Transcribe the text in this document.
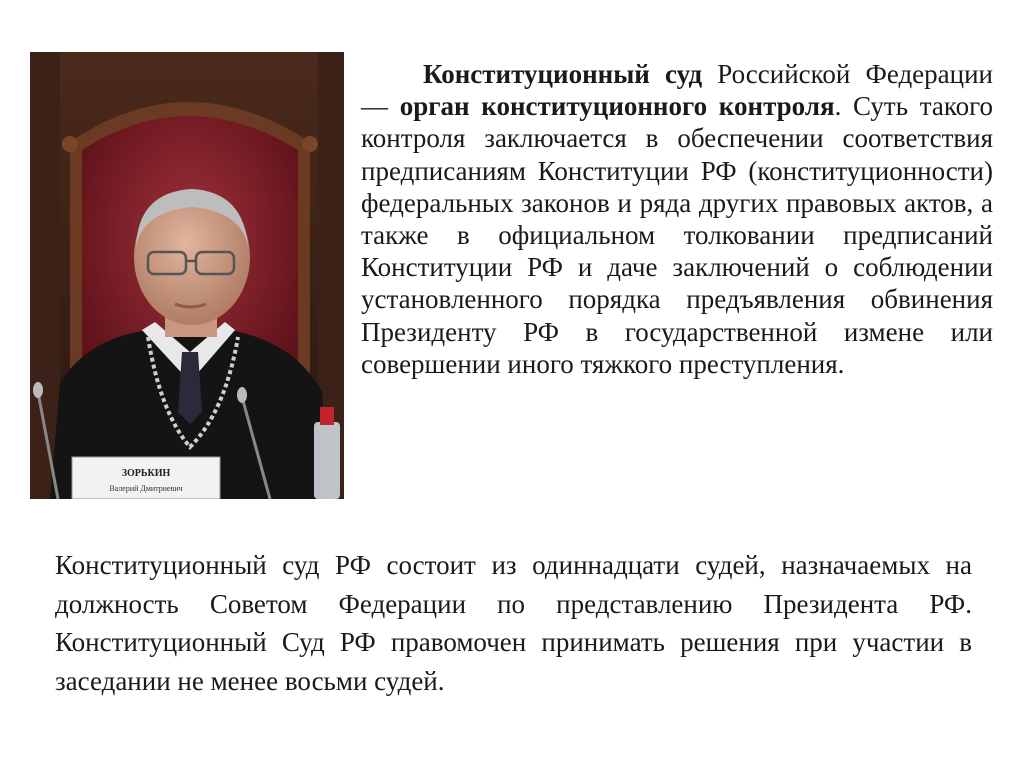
ЗОРЬКИН
Валерий Дмитриевич

Конституционный суд Российской Федерации — орган конституционного контроля. Суть такого контроля заключается в обеспечении соответствия предписаниям Конституции РФ (конституционности) федеральных законов и ряда других правовых актов, а также в официальном толковании предписаний Конституции РФ и даче заключений о соблюдении установленного порядка предъявления обвинения Президенту РФ в государственной измене или совершении иного тяжкого преступления.

Конституционный суд РФ состоит из одиннадцати судей, назначаемых на должность Советом Федерации по представлению Президента РФ. Конституционный Суд РФ правомочен принимать решения при участии в заседании не менее восьми судей.
